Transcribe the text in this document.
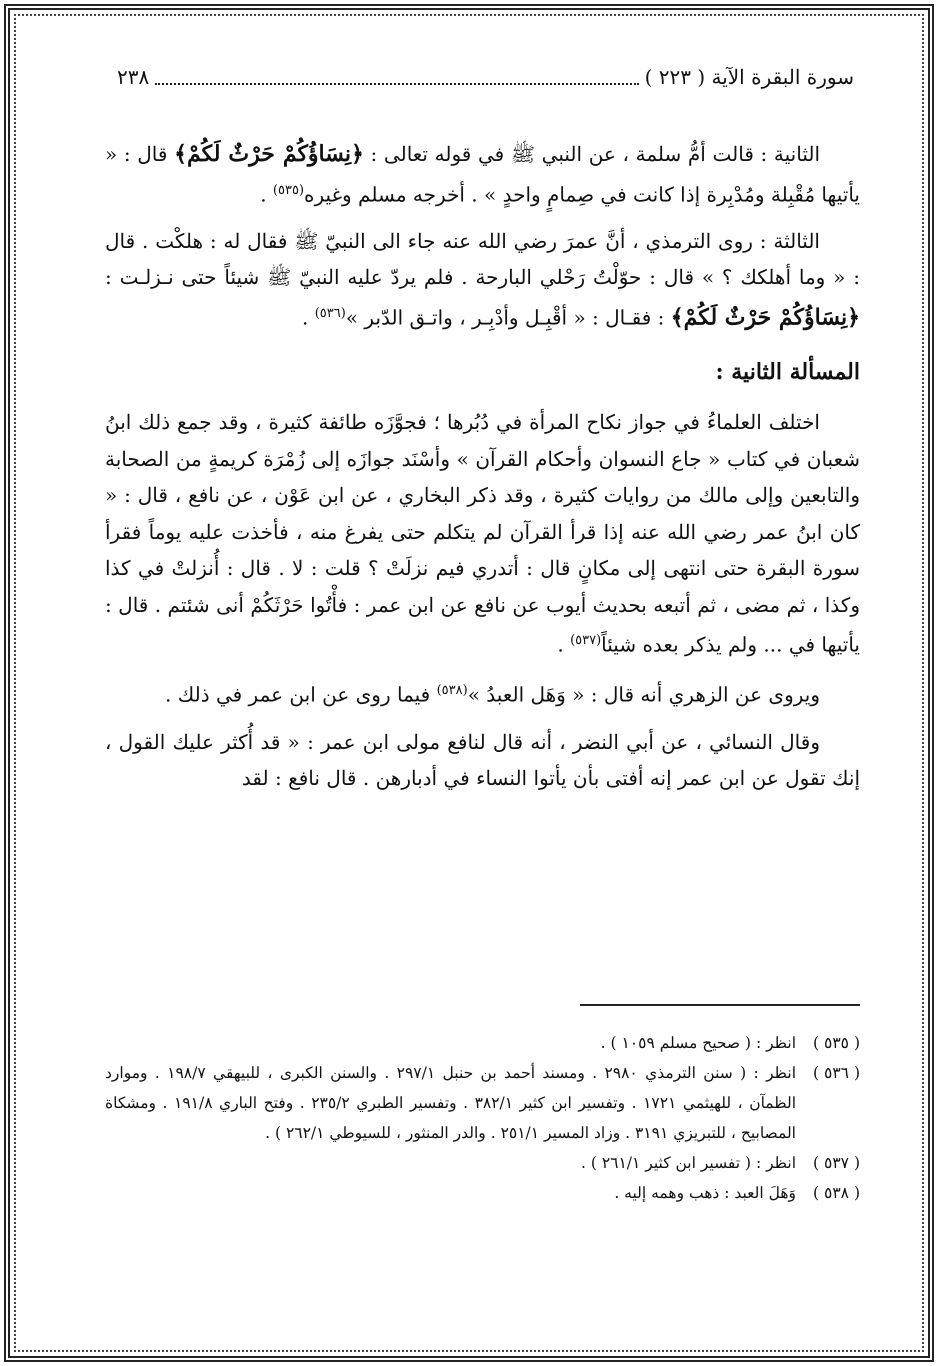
سورة البقرة الآية ( ٢٢٣ )
٢٣٨

الثانية : قالت أمُّ سلمة ، عن النبي ﷺ في قوله تعالى : ﴿نِسَاؤُكُمْ حَرْثٌ لَكُمْ﴾ قال : « يأتيها مُقْبِلة ومُدْبِرة إذا كانت في صِمامٍ واحدٍ » . أخرجه مسلم وغيره$^{(٥٣٥)}$ .

الثالثة : روى الترمذي ، أنَّ عمرَ رضي الله عنه جاء الى النبيّ ﷺ فقال له : هلكْت . قال : « وما أهلكك ؟ » قال : حوّلْتُ رَحْلي البارحة . فلم يردّ عليه النبيّ ﷺ شيئاً حتى نـزلـت : ﴿نِسَاؤُكُمْ حَرْثٌ لَكُمْ﴾ : فقـال : « أقْبِـل وأدْبِـر ، واتـق الدّبر »$^{(٥٣٦)}$ .

المسألة الثانية :

اختلف العلماءُ في جواز نكاح المرأة في دُبُرها ؛ فجوَّزَه طائفة كثيرة ، وقد جمع ذلك ابنُ شعبان في كتاب « جاع النسوان وأحكام القرآن » وأسْنَد جوازَه إلى زُمْرَة كريمةٍ من الصحابة والتابعين وإلى مالك من روايات كثيرة ، وقد ذكر البخاري ، عن ابن عَوْن ، عن نافع ، قال : « كان ابنُ عمر رضي الله عنه إذا قرأ القرآن لم يتكلم حتى يفرغ منه ، فأخذت عليه يوماً فقرأ سورة البقرة حتى انتهى إلى مكانٍ قال : أتدري فيم نزلَتْ ؟ قلت : لا . قال : أُنزلتْ في كذا وكذا ، ثم مضى ، ثم أتبعه بحديث أيوب عن نافع عن ابن عمر : فأْتُوا حَرْثَكُمْ أنى شئتم . قال : يأتيها في ... ولم يذكر بعده شيئاً$^{(٥٣٧)}$ .

ويروى عن الزهري أنه قال : « وَهَل العبدُ »$^{(٥٣٨)}$ فيما روى عن ابن عمر في ذلك .

وقال النسائي ، عن أبي النضر ، أنه قال لنافع مولى ابن عمر : « قد أُكثر عليك القول ، إنك تقول عن ابن عمر إنه أفتى بأن يأتوا النساء في أدبارهن . قال نافع : لقد

( ٥٣٥ )
انظر : ( صحيح مسلم ١٠٥٩ ) .
( ٥٣٦ )
انظر : ( سنن الترمذي ٢٩٨٠ . ومسند أحمد بن حنبل ٢٩٧/١ . والسنن الكبرى ، للبيهقي ١٩٨/٧ . وموارد الظمآن ، للهيثمي ١٧٢١ . وتفسير ابن كثير ٣٨٢/١ . وتفسير الطبري ٢٣٥/٢ . وفتح الباري ١٩١/٨ . ومشكاة المصابيح ، للتبريزي ٣١٩١ . وزاد المسير ٢٥١/١ . والدر المنثور ، للسيوطي ٢٦٢/١ ) .
( ٥٣٧ )
انظر : ( تفسير ابن كثير ٢٦١/١ ) .
( ٥٣٨ )
وَهَلَ العبد : ذهب وهمه إليه .
